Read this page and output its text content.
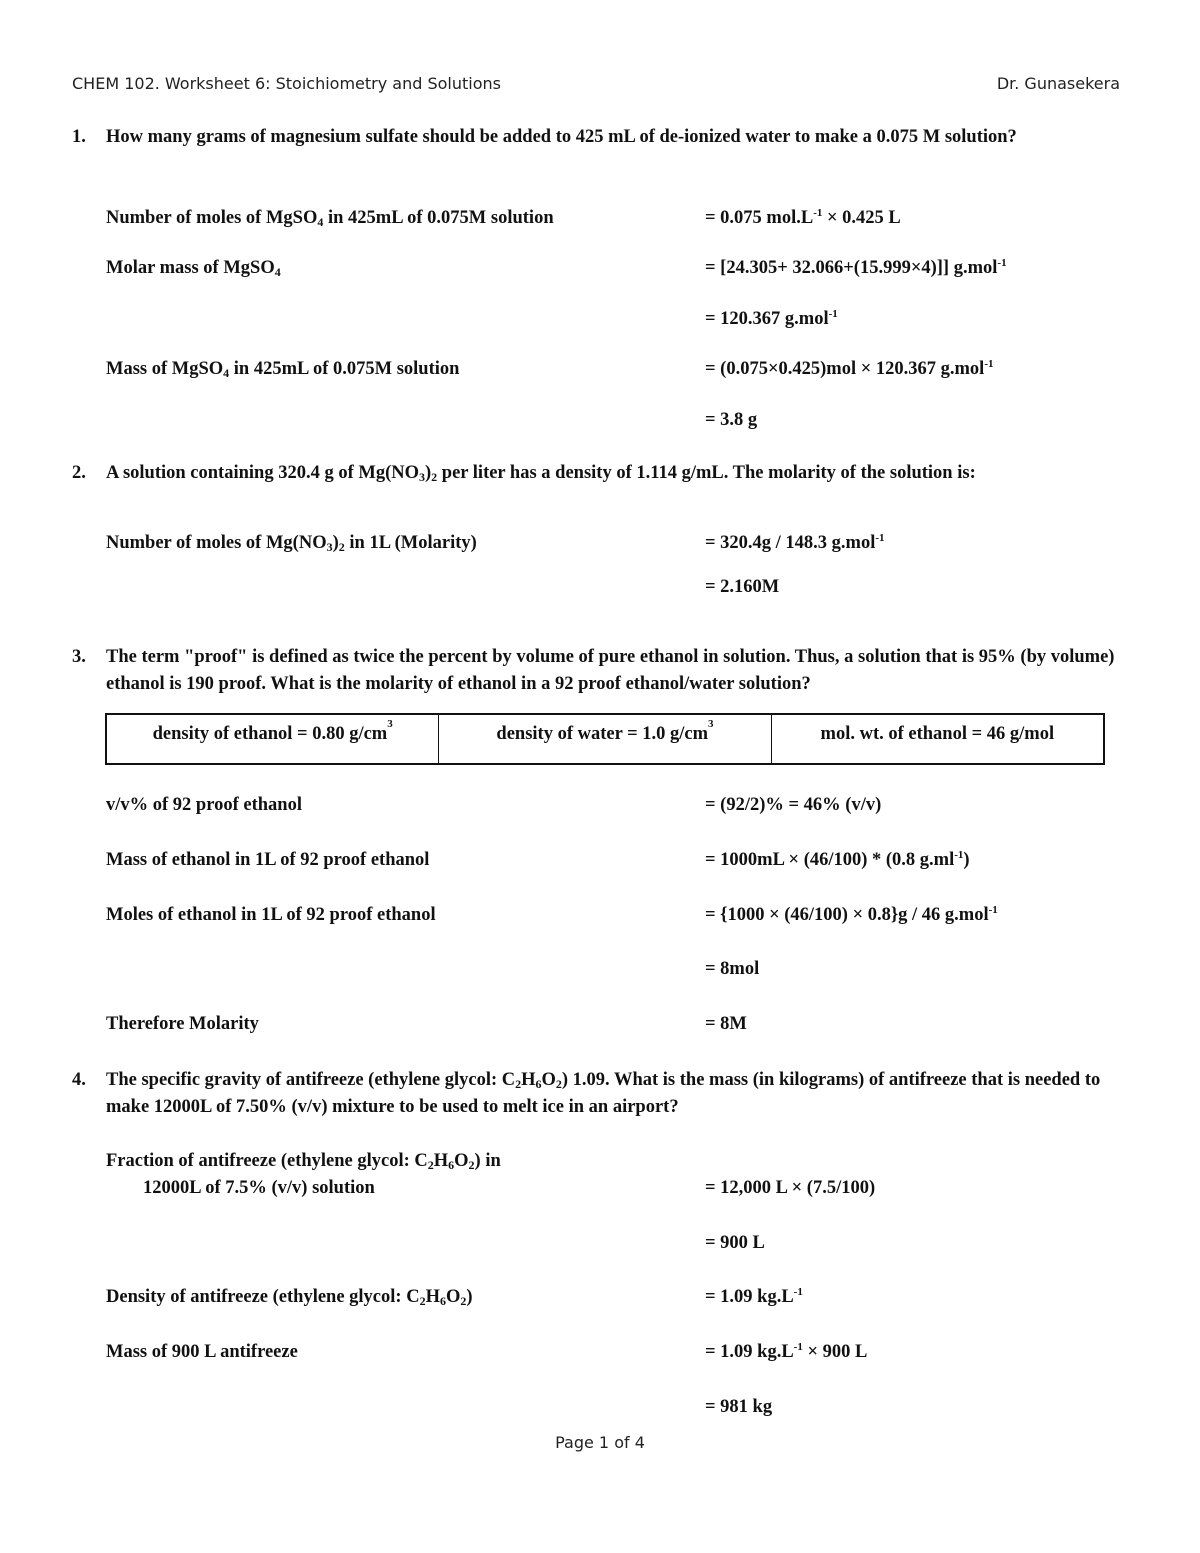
CHEM 102. Worksheet 6: Stoichiometry and Solutions	Dr. Gunasekera
1. How many grams of magnesium sulfate should be added to 425 mL of de-ionized water to make a 0.075 M solution?
Number of moles of MgSO$_4$ in 425mL of 0.075M solution	= 0.075 $mol.L^{-1} \times 0.425$ L
Molar mass of MgSO$_4$	= [24.305+ 32.066+(15.999×4)]] g.mol$^{-1}$
= 120.367 g.mol$^{-1}$
Mass of MgSO$_4$ in 425mL of 0.075M solution	= (0.075×0.425)mol × 120.367 g.mol$^{-1}$
= 3.8 g
2. A solution containing 320.4 g of $Mg(NO_3)_2$ per liter has a density of 1.114 g/mL. The molarity of the solution is:
Number of moles of $Mg(NO_3)_2$ in 1L (Molarity)	= 320.4g / 148.3 g.mol$^{-1}$
= 2.160M
3. The term "proof" is defined as twice the percent by volume of pure ethanol in solution. Thus, a solution that is 95% (by volume) ethanol is 190 proof. What is the molarity of ethanol in a 92 proof ethanol/water solution?
density of ethanol = 0.80 g/cm 3	density of water = 1.0 g/cm 3	mol. wt. of ethanol = 46 g/mol
v/v% of 92 proof ethanol	= (92/2)% = 46% (v/v)
Mass of ethanol in 1L of 92 proof ethanol	= 1000mL × (46/100) * (0.8 $g.ml^{-1}$)
Moles of ethanol in 1L of 92 proof ethanol	= {1000 × (46/100) × 0.8}g / 46 g.mol$^{-1}$
= 8mol
Therefore Molarity	= 8M
4. The specific gravity of antifreeze (ethylene glycol: $C_2H_6O_2$) 1.09. What is the mass (in kilograms) of antifreeze that is needed to make 12000L of 7.50% (v/v) mixture to be used to melt ice in an airport?
Fraction of antifreeze (ethylene glycol: $C_2H_6O_2$) in
12000L of 7.5% (v/v) solution	= 12,000 L × (7.5/100)
= 900 L
Density of antifreeze (ethylene glycol: $C_2H_6O_2$)	= 1.09 $kg.L^{-1}$
Mass of 900 L antifreeze	= 1.09 $kg.L^{-1} \times 900$ L
= 981 kg
Page 1 of 4
